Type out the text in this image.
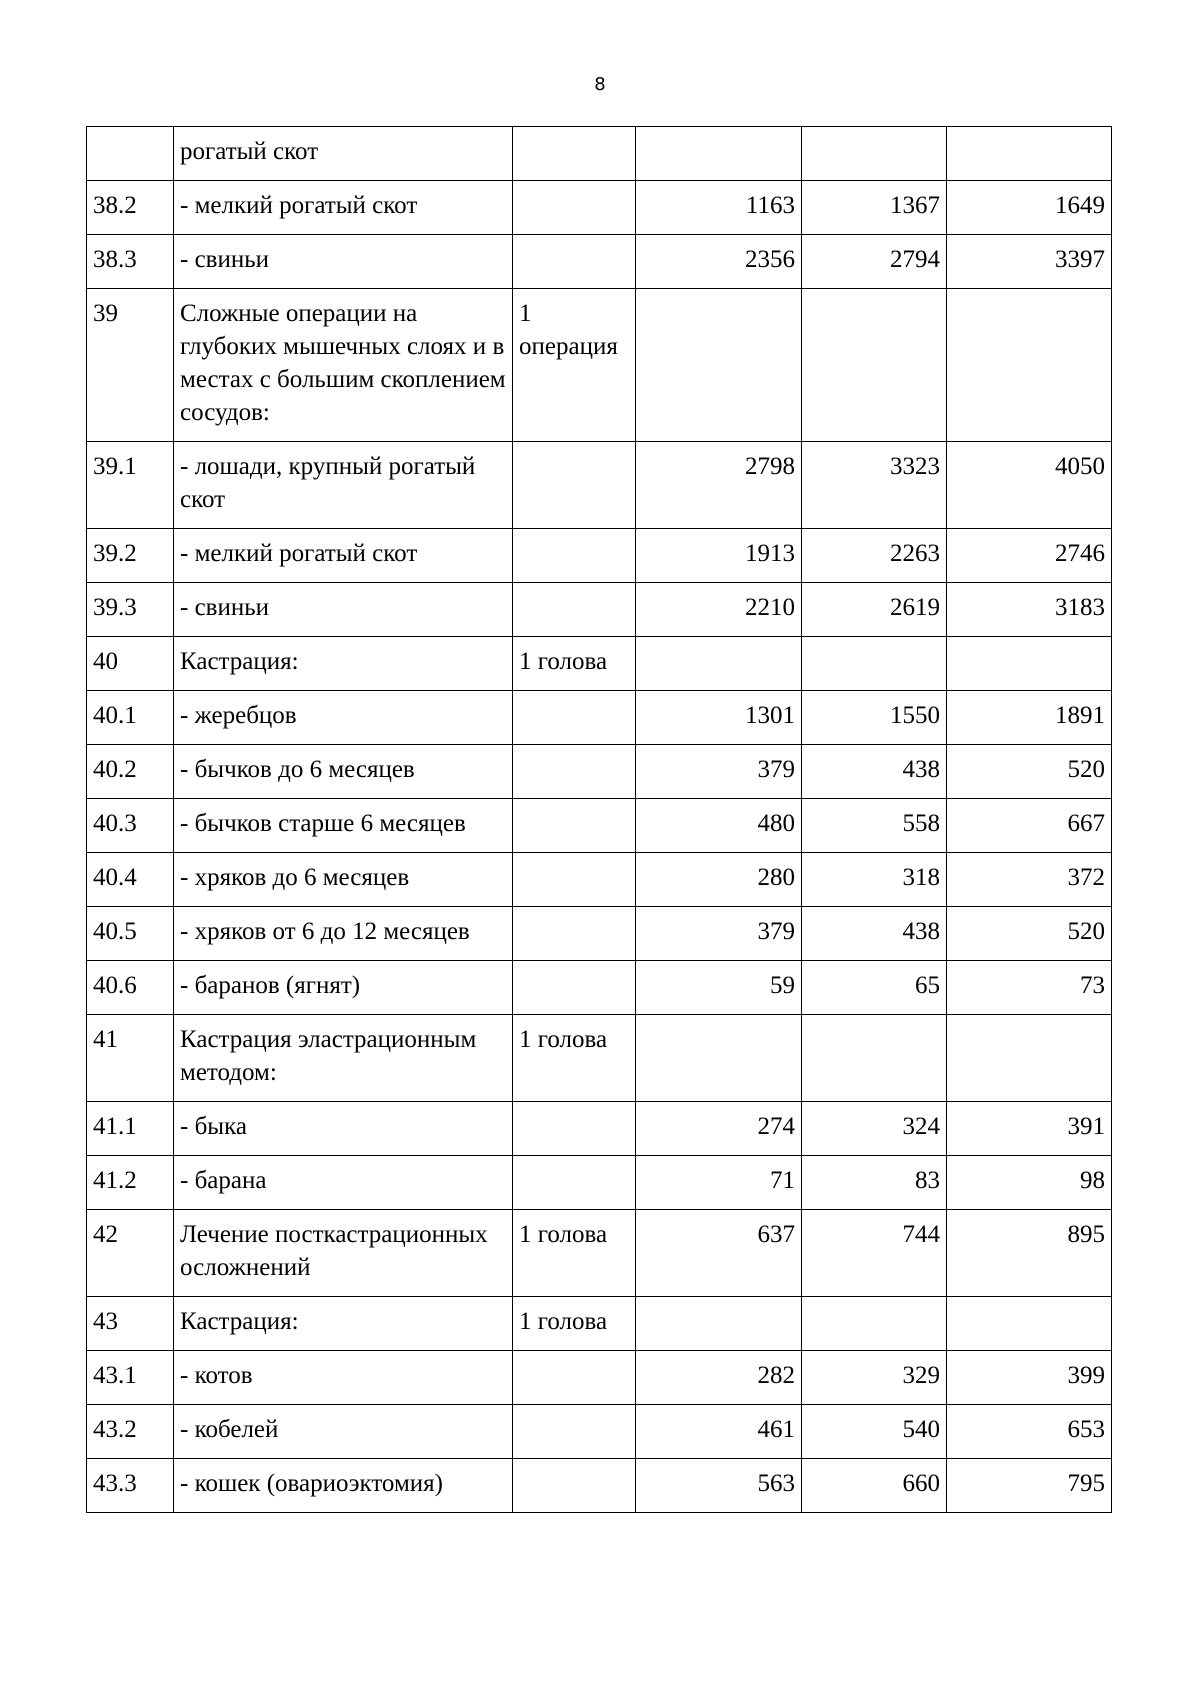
8
	рогатый скот				
38.2	- мелкий рогатый скот		1163	1367	1649
38.3	- свиньи		2356	2794	3397
39	Сложные операции на глубоких мышечных слоях и в местах с большим скоплением сосудов:	1 операция			
39.1	- лошади, крупный рогатый скот		2798	3323	4050
39.2	- мелкий рогатый скот		1913	2263	2746
39.3	- свиньи		2210	2619	3183
40	Кастрация:	1 голова			
40.1	- жеребцов		1301	1550	1891
40.2	- бычков до 6 месяцев		379	438	520
40.3	- бычков старше 6 месяцев		480	558	667
40.4	- хряков до 6 месяцев		280	318	372
40.5	- хряков от 6 до 12 месяцев		379	438	520
40.6	- баранов (ягнят)		59	65	73
41	Кастрация эластрационным методом:	1 голова			
41.1	- быка		274	324	391
41.2	- барана		71	83	98
42	Лечение посткастрационных осложнений	1 голова	637	744	895
43	Кастрация:	1 голова			
43.1	- котов		282	329	399
43.2	- кобелей		461	540	653
43.3	- кошек (овариоэктомия)		563	660	795
